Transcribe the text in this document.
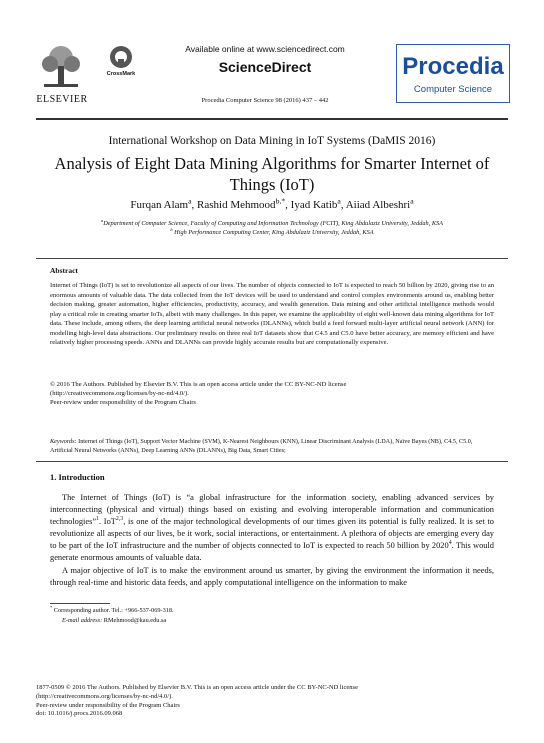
ELSEVIER
CrossMark
Available online at www.sciencedirect.com
ScienceDirect
Procedia Computer Science 98 (2016) 437 – 442
Procedia
Computer Science
International Workshop on Data Mining in IoT Systems (DaMIS 2016)
Analysis of Eight Data Mining Algorithms for Smarter Internet of Things (IoT)
Furqan Alam$^a$, Rashid Mehmood$^{b,*}$, Iyad Katib$^a$, Aiiad Albeshri$^a$
$^a$Department of Computer Science, Faculty of Computing and Information Technology (FCIT), King Abdulaziz University, Jeddah, KSA
$^b$ High Performance Computing Center, King Abdulaziz University, Jeddah, KSA
Abstract
Internet of Things (IoT) is set to revolutionize all aspects of our lives. The number of objects connected to IoT is expected to reach 50 billion by 2020, giving rise to an enormous amounts of valuable data. The data collected from the IoT devices will be used to understand and control complex environments around us, enabling better decision making, greater automation, higher efficiencies, productivity, accuracy, and wealth generation. Data mining and other artificial intelligence methods would play a critical role in creating smarter IoTs, albeit with many challenges. In this paper, we examine the applicability of eight well-known data mining algorithms for IoT data. These include, among others, the deep learning artificial neural networks (DLANNs), which build a feed forward multi-layer artificial neural network (ANN) for modelling high-level data abstractions. Our preliminary results on three real IoT datasets show that C4.5 and C5.0 have better accuracy, are memory efficient and have relatively higher processing speeds. ANNs and DLANNs can provide highly accurate results but are computationally expensive.
© 2016 The Authors. Published by Elsevier B.V. This is an open access article under the CC BY-NC-ND license
(http://creativecommons.org/licenses/by-nc-nd/4.0/).
Peer-review under responsibility of the Program Chairs
Keywords: Internet of Things (IoT), Support Vector Machine (SVM), K-Nearest Neighbours (KNN), Linear Discriminant Analysis (LDA), Naïve Bayes (NB), C4.5, C5.0, Artificial Neural Networks (ANNs), Deep Learning ANNs (DLANNs), Big Data, Smart Cities;
1. Introduction

The Internet of Things (IoT) is “a global infrastructure for the information society, enabling advanced services by interconnecting (physical and virtual) things based on existing and evolving interoperable information and communication technologies”$^1$. IoT$^{2,3}$, is one of the major technological developments of our times given its potential is fully realized. It is set to revolutionize all aspects of our lives, be it work, social interactions, or entertainment. A plethora of objects are emerging every day to be part of the IoT infrastructure and the number of objects connected to IoT is expected to reach 50 billion by 2020$^4$. This would generate enormous amounts of valuable data.

A major objective of IoT is to make the environment around us smarter, by giving the environment the information it needs, through real-time and historic data feeds, and apply computational intelligence on the information to make

* Corresponding author. Tel.: +966-537-069-318.
E-mail address: RMehmood@kau.edu.sa
1877-0509 © 2016 The Authors. Published by Elsevier B.V. This is an open access article under the CC BY-NC-ND license
(http://creativecommons.org/licenses/by-nc-nd/4.0/).
Peer-review under responsibility of the Program Chairs
doi: 10.1016/j.procs.2016.09.068
